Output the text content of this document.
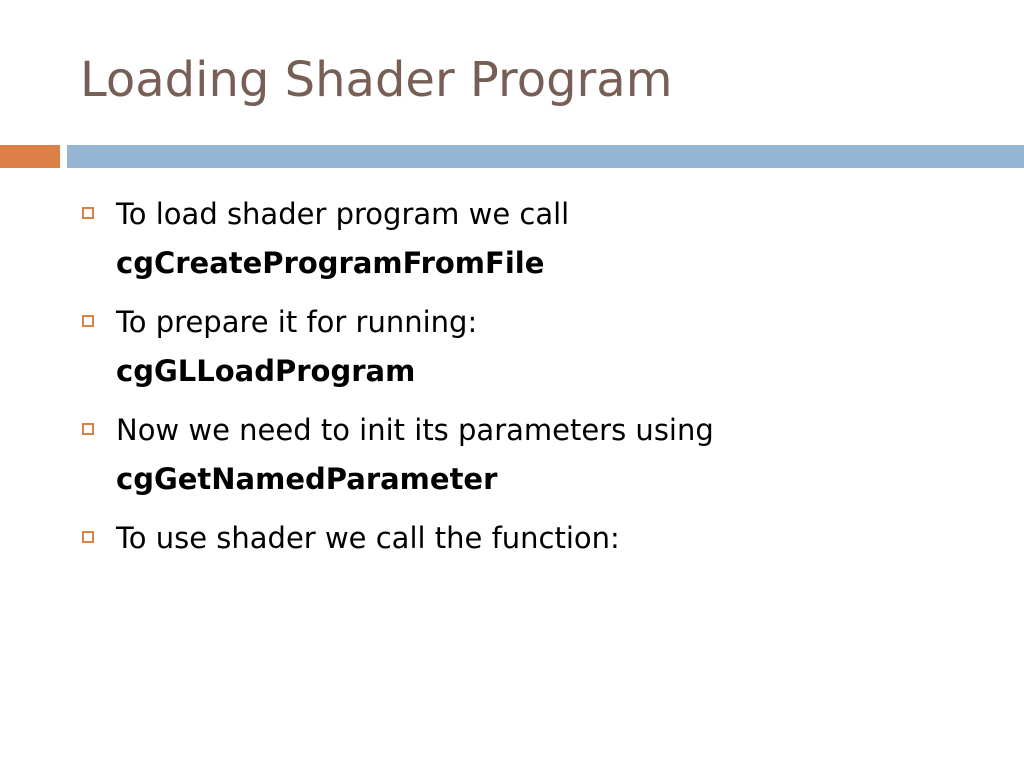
Loading Shader Program
To load shader program we call
cgCreateProgramFromFile
To prepare it for running:
cgGLLoadProgram
Now we need to init its parameters using
cgGetNamedParameter
To use shader we call the function:
